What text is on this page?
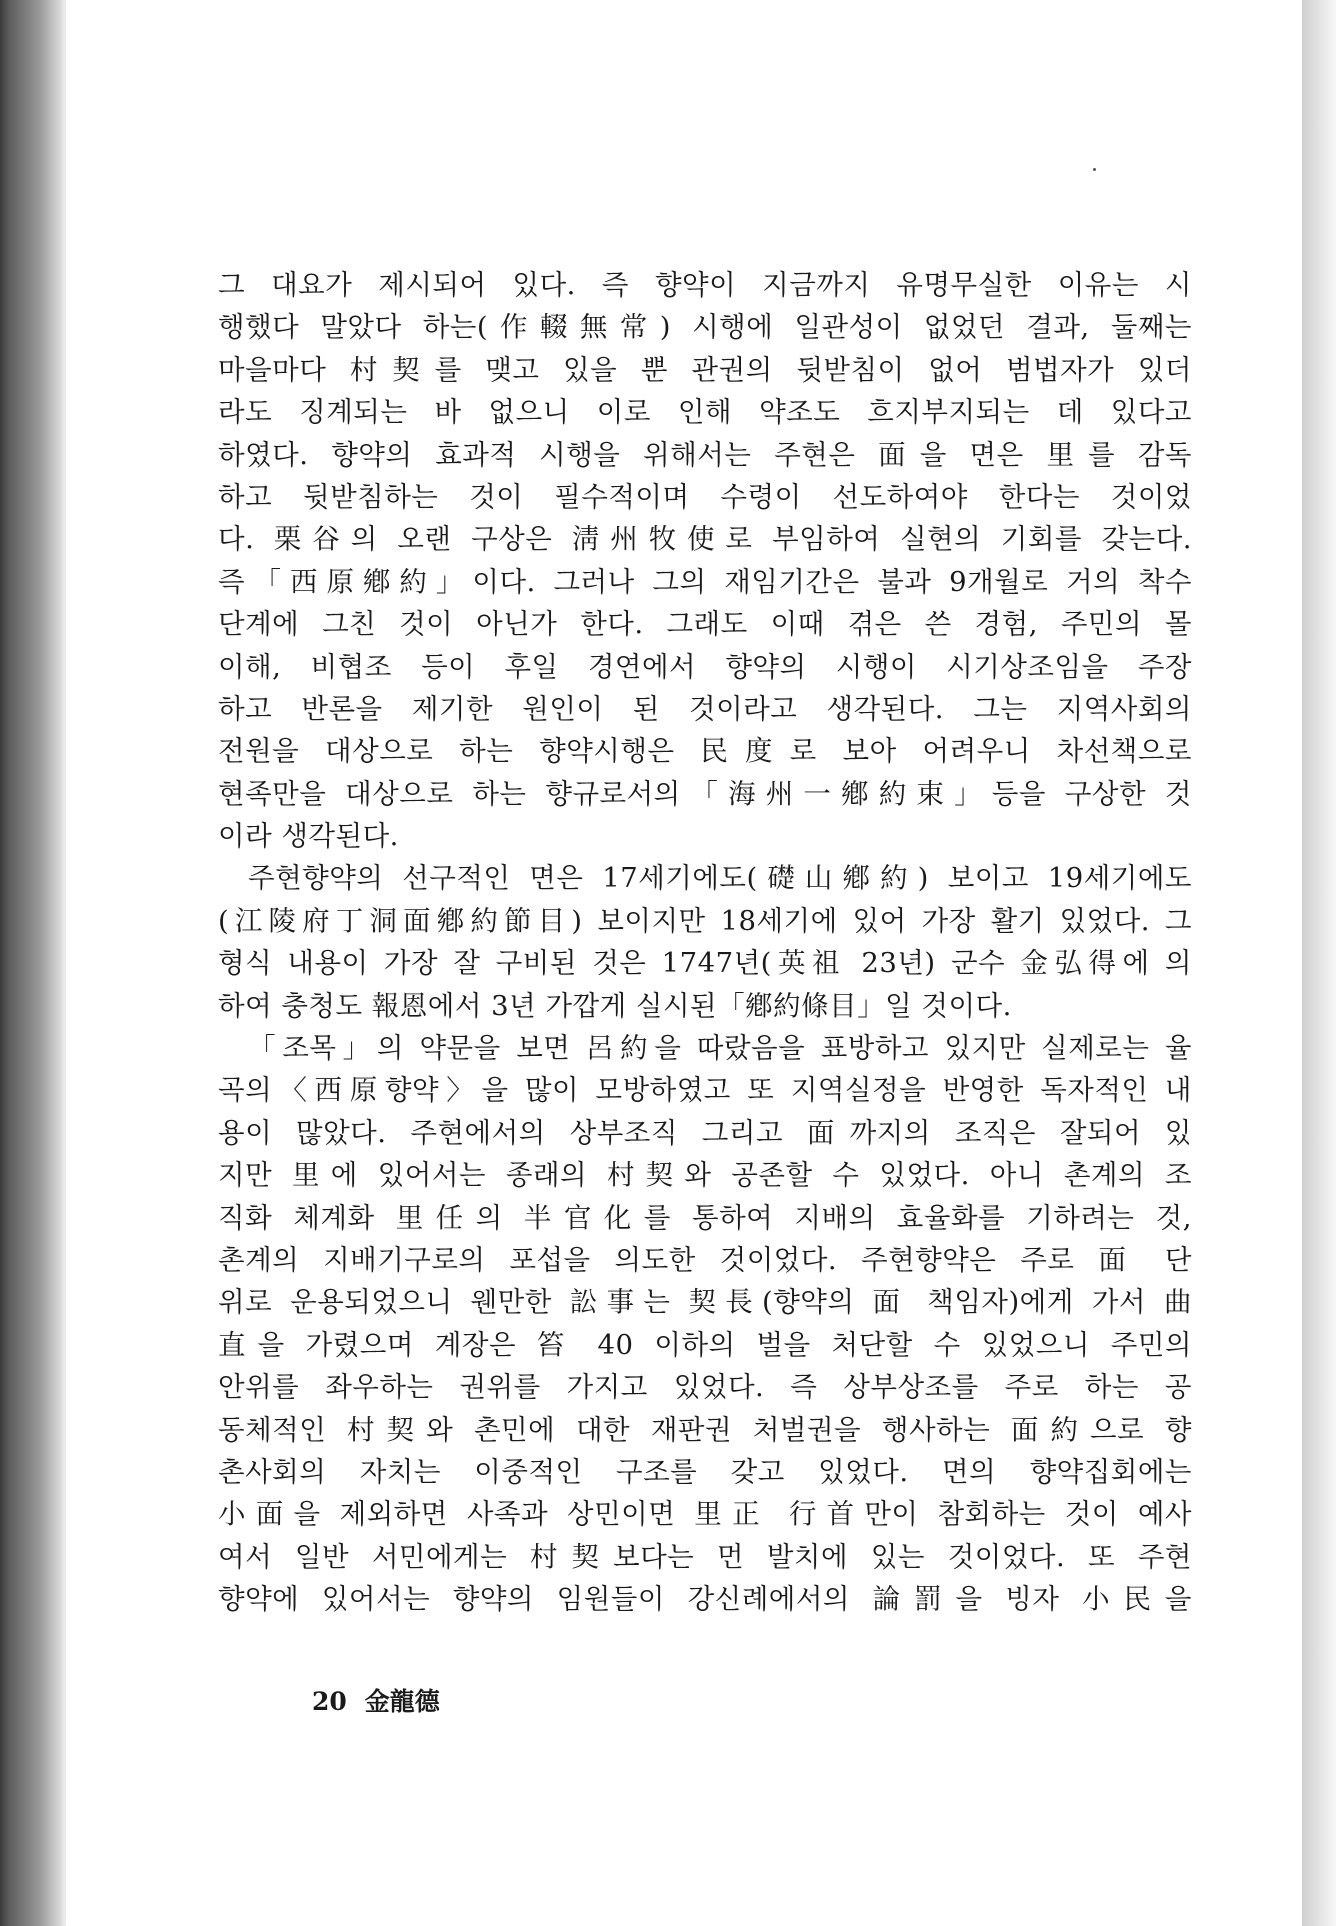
그 대요가 제시되어 있다. 즉 향약이 지금까지 유명무실한 이유는 시
행했다 말았다 하는(作輟無常) 시행에 일관성이 없었던 결과, 둘째는
마을마다 村契를 맺고 있을 뿐 관권의 뒷받침이 없어 범법자가 있더
라도 징계되는 바 없으니 이로 인해 약조도 흐지부지되는 데 있다고
하였다. 향약의 효과적 시행을 위해서는 주현은 面을 면은 里를 감독
하고 뒷받침하는 것이 필수적이며 수령이 선도하여야 한다는 것이었
다. 栗谷의 오랜 구상은 淸州牧使로 부임하여 실현의 기회를 갖는다.
즉「西原鄕約」이다. 그러나 그의 재임기간은 불과 9개월로 거의 착수
단계에 그친 것이 아닌가 한다. 그래도 이때 겪은 쓴 경험, 주민의 몰
이해, 비협조 등이 후일 경연에서 향약의 시행이 시기상조임을 주장
하고 반론을 제기한 원인이 된 것이라고 생각된다. 그는 지역사회의
전원을 대상으로 하는 향약시행은 民度로 보아 어려우니 차선책으로
현족만을 대상으로 하는 향규로서의「海州一鄕約束」등을 구상한 것
이라 생각된다.
주현향약의 선구적인 면은 17세기에도(礎山鄕約) 보이고 19세기에도
(江陵府丁洞面鄕約節目) 보이지만 18세기에 있어 가장 활기 있었다. 그
형식 내용이 가장 잘 구비된 것은 1747년(英祖 23년) 군수 金弘得에 의
하여 충청도 報恩에서 3년 가깝게 실시된「鄕約條目」일 것이다.
「조목」의 약문을 보면 呂約을 따랐음을 표방하고 있지만 실제로는 율
곡의〈西原향약〉을 많이 모방하였고 또 지역실정을 반영한 독자적인 내
용이 많았다. 주현에서의 상부조직 그리고 面까지의 조직은 잘되어 있
지만 里에 있어서는 종래의 村契와 공존할 수 있었다. 아니 촌계의 조
직화 체계화 里任의 半官化를 통하여 지배의 효율화를 기하려는 것,
촌계의 지배기구로의 포섭을 의도한 것이었다. 주현향약은 주로 面 단
위로 운용되었으니 웬만한 訟事는 契長(향약의 面 책임자)에게 가서 曲
直을 가렸으며 계장은 笞 40 이하의 벌을 처단할 수 있었으니 주민의
안위를 좌우하는 권위를 가지고 있었다. 즉 상부상조를 주로 하는 공
동체적인 村契와 촌민에 대한 재판권 처벌권을 행사하는 面約으로 향
촌사회의 자치는 이중적인 구조를 갖고 있었다. 면의 향약집회에는
小面을 제외하면 사족과 상민이면 里正 行首만이 참회하는 것이 예사
여서 일반 서민에게는 村契보다는 먼 발치에 있는 것이었다. 또 주현
향약에 있어서는 향약의 임원들이 강신례에서의 論罰을 빙자 小民을
20 金龍德
